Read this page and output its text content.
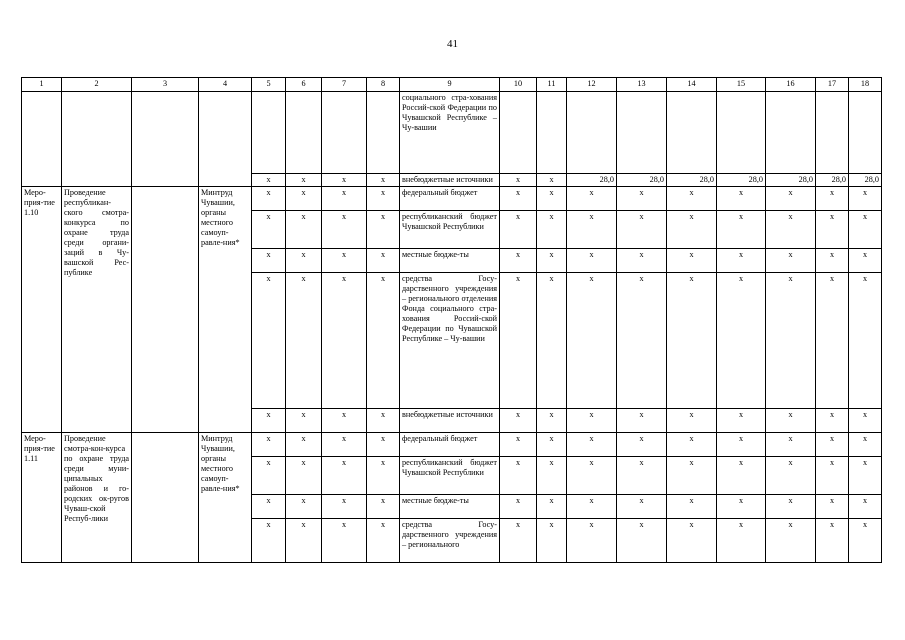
41
1	2	3	4	5	6	7	8	9	10	11	12	13	14	15	16	17	18
								социального стра-хования Россий-ской Федерации по Чувашской Республике – Чу-вашии									
				x	x	x	x	внебюджетные источники	x	x	28,0	28,0	28,0	28,0	28,0	28,0	28,0
Меро-прия-тие 1.10	Проведение республикан-ского смотра-конкурса по охране труда среди органи-заций в Чу-вашской Рес-публике		Минтруд Чувашии, органы местного самоуп-равле-ния*	x	x	x	x	федеральный бюджет	x	x	x	x	x	x	x	x	x
				x	x	x	x	республиканский бюджет Чувашской Республики	x	x	x	x	x	x	x	x	x
				x	x	x	x	местные бюдже-ты	x	x	x	x	x	x	x	x	x
				x	x	x	x	средства Госу-дарственного учреждения – регионального отделения Фонда социального стра-хования Россий-ской Федерации по Чувашской Республике – Чу-вашии	x	x	x	x	x	x	x	x	x
				x	x	x	x	внебюджетные источники	x	x	x	x	x	x	x	x	x
Меро-прия-тие 1.11	Проведение смотра-кон-курса по охране труда среди муни-ципальных районов и го-родских ок-ругов Чуваш-ской Респуб-лики		Минтруд Чувашии, органы местного самоуп-равле-ния*	x	x	x	x	федеральный бюджет	x	x	x	x	x	x	x	x	x
				x	x	x	x	республиканский бюджет Чувашской Республики	x	x	x	x	x	x	x	x	x
				x	x	x	x	местные бюдже-ты	x	x	x	x	x	x	x	x	x
				x	x	x	x	средства Госу-дарственного учреждения – регионального	x	x	x	x	x	x	x	x	x
